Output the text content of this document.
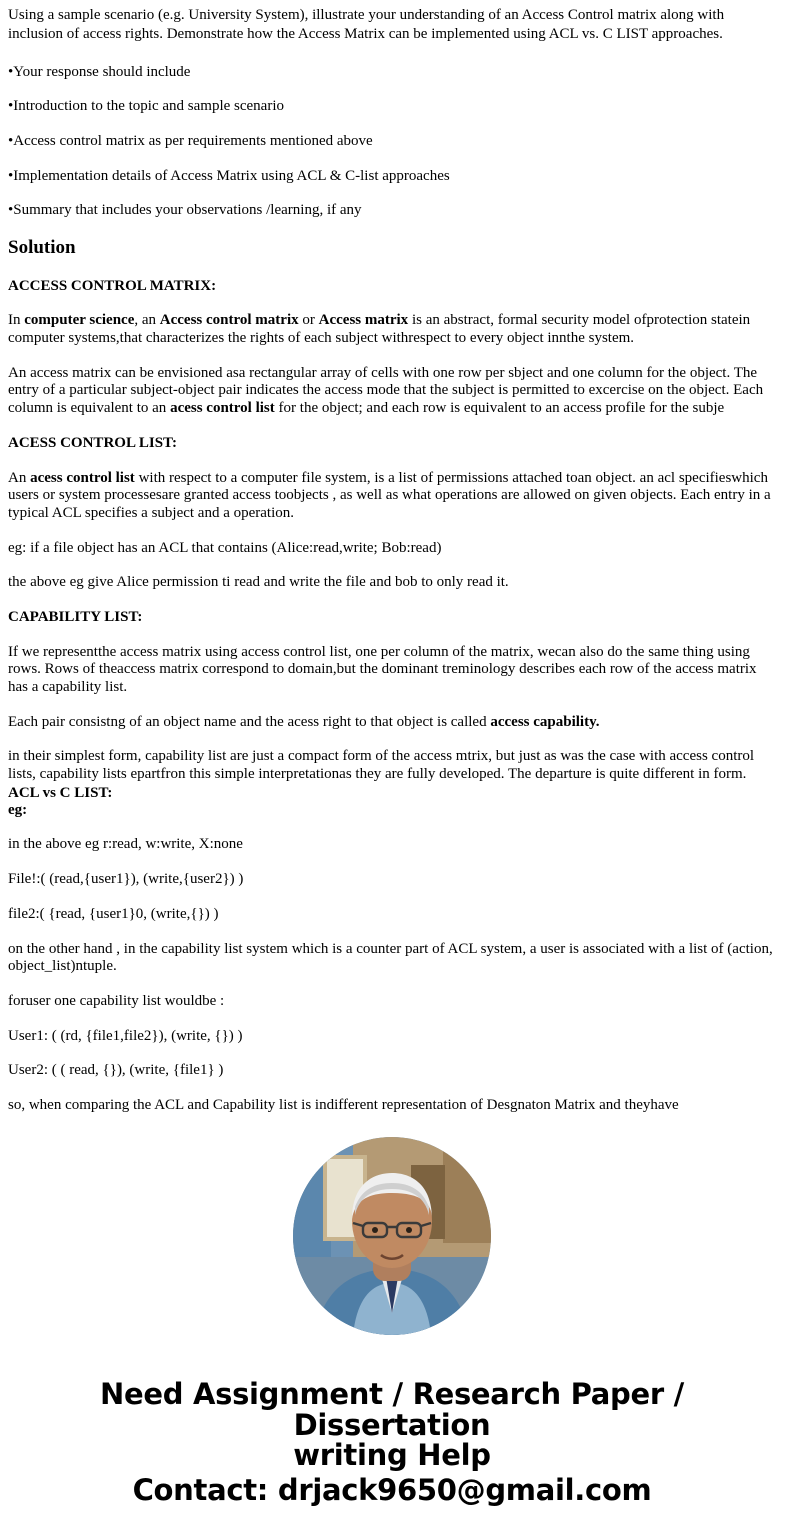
Using a sample scenario (e.g. University System), illustrate your understanding of an Access Control matrix along with inclusion of access rights. Demonstrate how the Access Matrix can be implemented using ACL vs. C LIST approaches.

•Your response should include

•Introduction to the topic and sample scenario

•Access control matrix as per requirements mentioned above

•Implementation details of Access Matrix using ACL & C-list approaches

•Summary that includes your observations /learning, if any

Solution
ACCESS CONTROL MATRIX:

In computer science, an Access control matrix or Access matrix is an abstract, formal security model ofprotection statein computer systems,that characterizes the rights of each subject withrespect to every object innthe system.

An access matrix can be envisioned asa rectangular array of cells with one row per sbject and one column for the object. The entry of a particular subject-object pair indicates the access mode that the subject is permitted to excercise on the object. Each column is equivalent to an acess control list for the object; and each row is equivalent to an access profile for the subje

ACESS CONTROL LIST:

An acess control list with respect to a computer file system, is a list of permissions attached toan object. an acl specifieswhich users or system processesare granted access toobjects , as well as what operations are allowed on given objects. Each entry in a typical ACL specifies a subject and a operation.

eg: if a file object has an ACL that contains (Alice:read,write; Bob:read)

the above eg give Alice permission ti read and write the file and bob to only read it.

CAPABILITY LIST:

If we representthe access matrix using access control list, one per column of the matrix, wecan also do the same thing using rows. Rows of theaccess matrix correspond to domain,but the dominant treminology describes each row of the access matrix has a capability list.

Each pair consistng of an object name and the acess right to that object is called access capability.

in their simplest form, capability list are just a compact form of the access mtrix, but just as was the case with access control lists, capability lists epartfron this simple interpretationas they are fully developed. The departure is quite different in form.

ACL vs C LIST:
eg:

in the above eg r:read, w:write, X:none

File!:( (read,{user1}), (write,{user2}) )

file2:( {read, {user1}0, (write,{}) )

on the other hand , in the capability list system which is a counter part of ACL system, a user is associated with a list of (action, object_list)ntuple.

foruser one capability list wouldbe :

User1: ( (rd, {file1,file2}), (write, {}) )

User2: ( ( read, {}), (write, {file1} )

so, when comparing the ACL and Capability list is indifferent representation of Desgnaton Matrix and theyhave

Need Assignment / Research Paper / Dissertation
writing Help
Contact: drjack9650@gmail.com
